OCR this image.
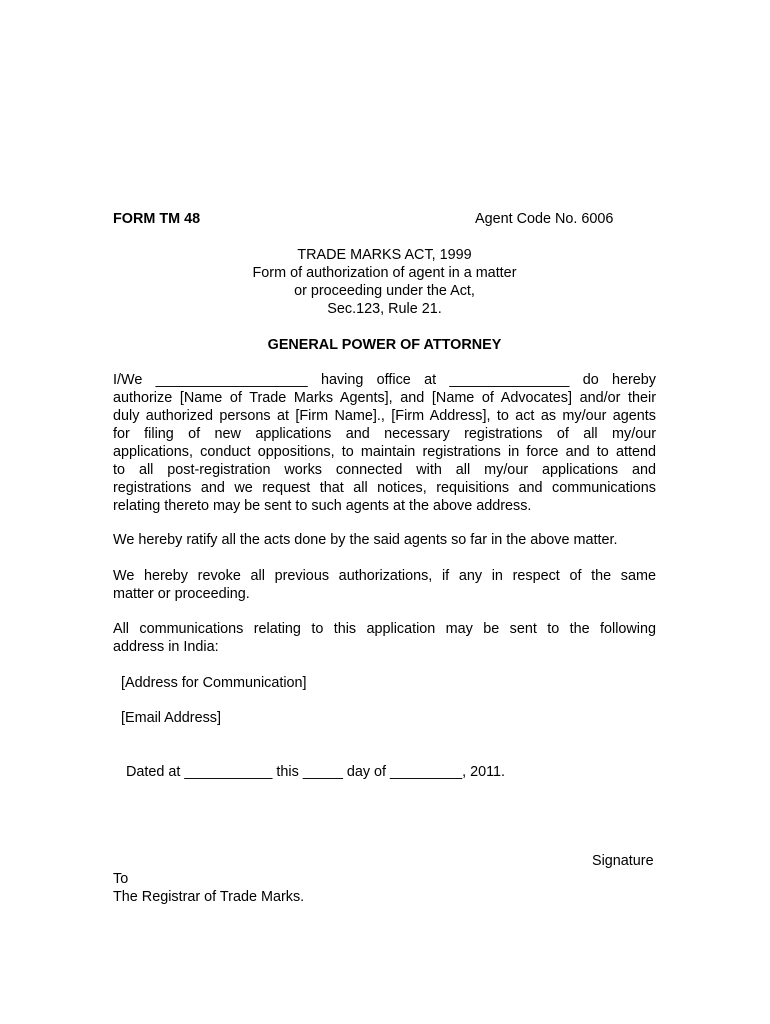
FORM TM 48	Agent Code No. 6006
TRADE MARKS ACT, 1999
Form of authorization of agent in a matter
or proceeding under the Act,
Sec.123, Rule 21.
GENERAL POWER OF ATTORNEY
I/We ___________________ having office at _______________ do hereby
authorize [Name of Trade Marks Agents], and [Name of Advocates] and/or their
duly authorized persons at [Firm Name]., [Firm Address], to act as my/our agents
for filing of new applications and necessary registrations of all my/our
applications, conduct oppositions, to maintain registrations in force and to attend
to all post-registration works connected with all my/our applications and
registrations and we request that all notices, requisitions and communications
relating thereto may be sent to such agents at the above address.
We hereby ratify all the acts done by the said agents so far in the above matter.
We hereby revoke all previous authorizations, if any in respect of the same
matter or proceeding.
All communications relating to this application may be sent to the following
address in India:
[Address for Communication]
[Email Address]
Dated at ___________ this _____ day of _________, 2011.
Signature
To
The Registrar of Trade Marks.
